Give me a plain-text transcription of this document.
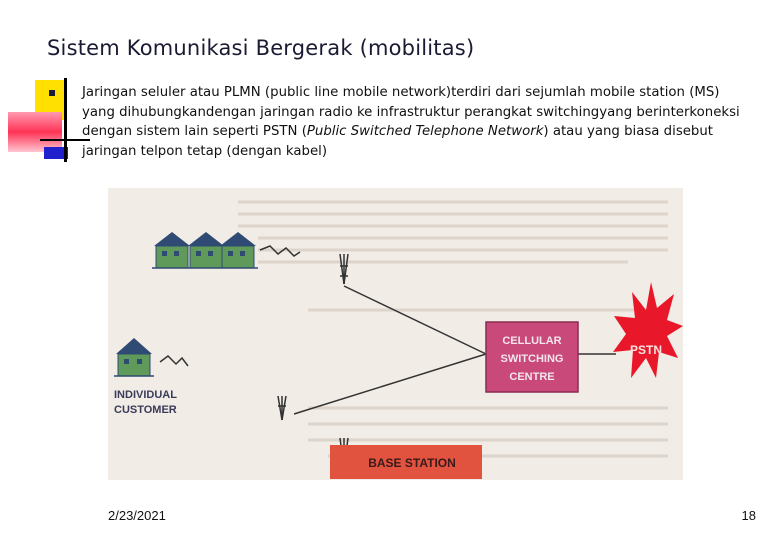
Sistem Komunikasi Bergerak (mobilitas)

Jaringan seluler atau PLMN (public line mobile network)terdiri dari sejumlah mobile station (MS) yang dihubungkandengan jaringan radio ke infrastruktur perangkat switchingyang berinterkoneksi dengan sistem lain seperti PSTN (Public Switched Telephone Network) atau yang biasa disebut jaringan telpon tetap (dengan kabel)

INDIVIDUAL
CUSTOMER
CELLULAR
SWITCHING
CENTRE
PSTN
BASE STATION

2/23/2021	18
